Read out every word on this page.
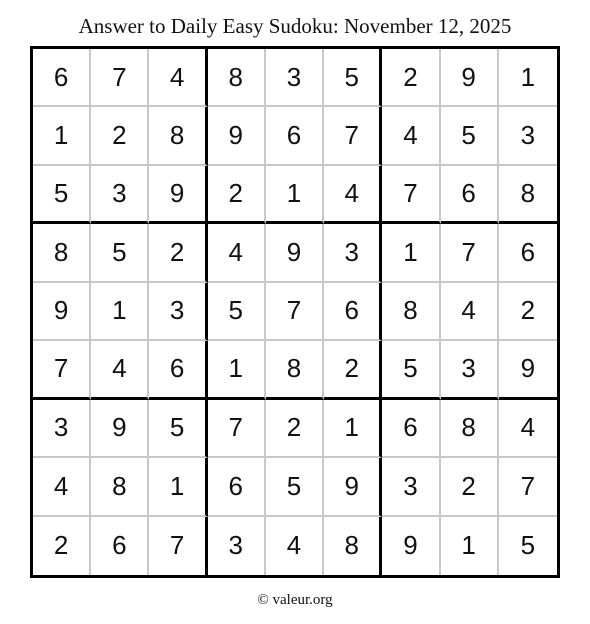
Answer to Daily Easy Sudoku: November 12, 2025
6	7	4	8	3	5	2	9	1
1	2	8	9	6	7	4	5	3
5	3	9	2	1	4	7	6	8
8	5	2	4	9	3	1	7	6
9	1	3	5	7	6	8	4	2
7	4	6	1	8	2	5	3	9
3	9	5	7	2	1	6	8	4
4	8	1	6	5	9	3	2	7
2	6	7	3	4	8	9	1	5
© valeur.org
